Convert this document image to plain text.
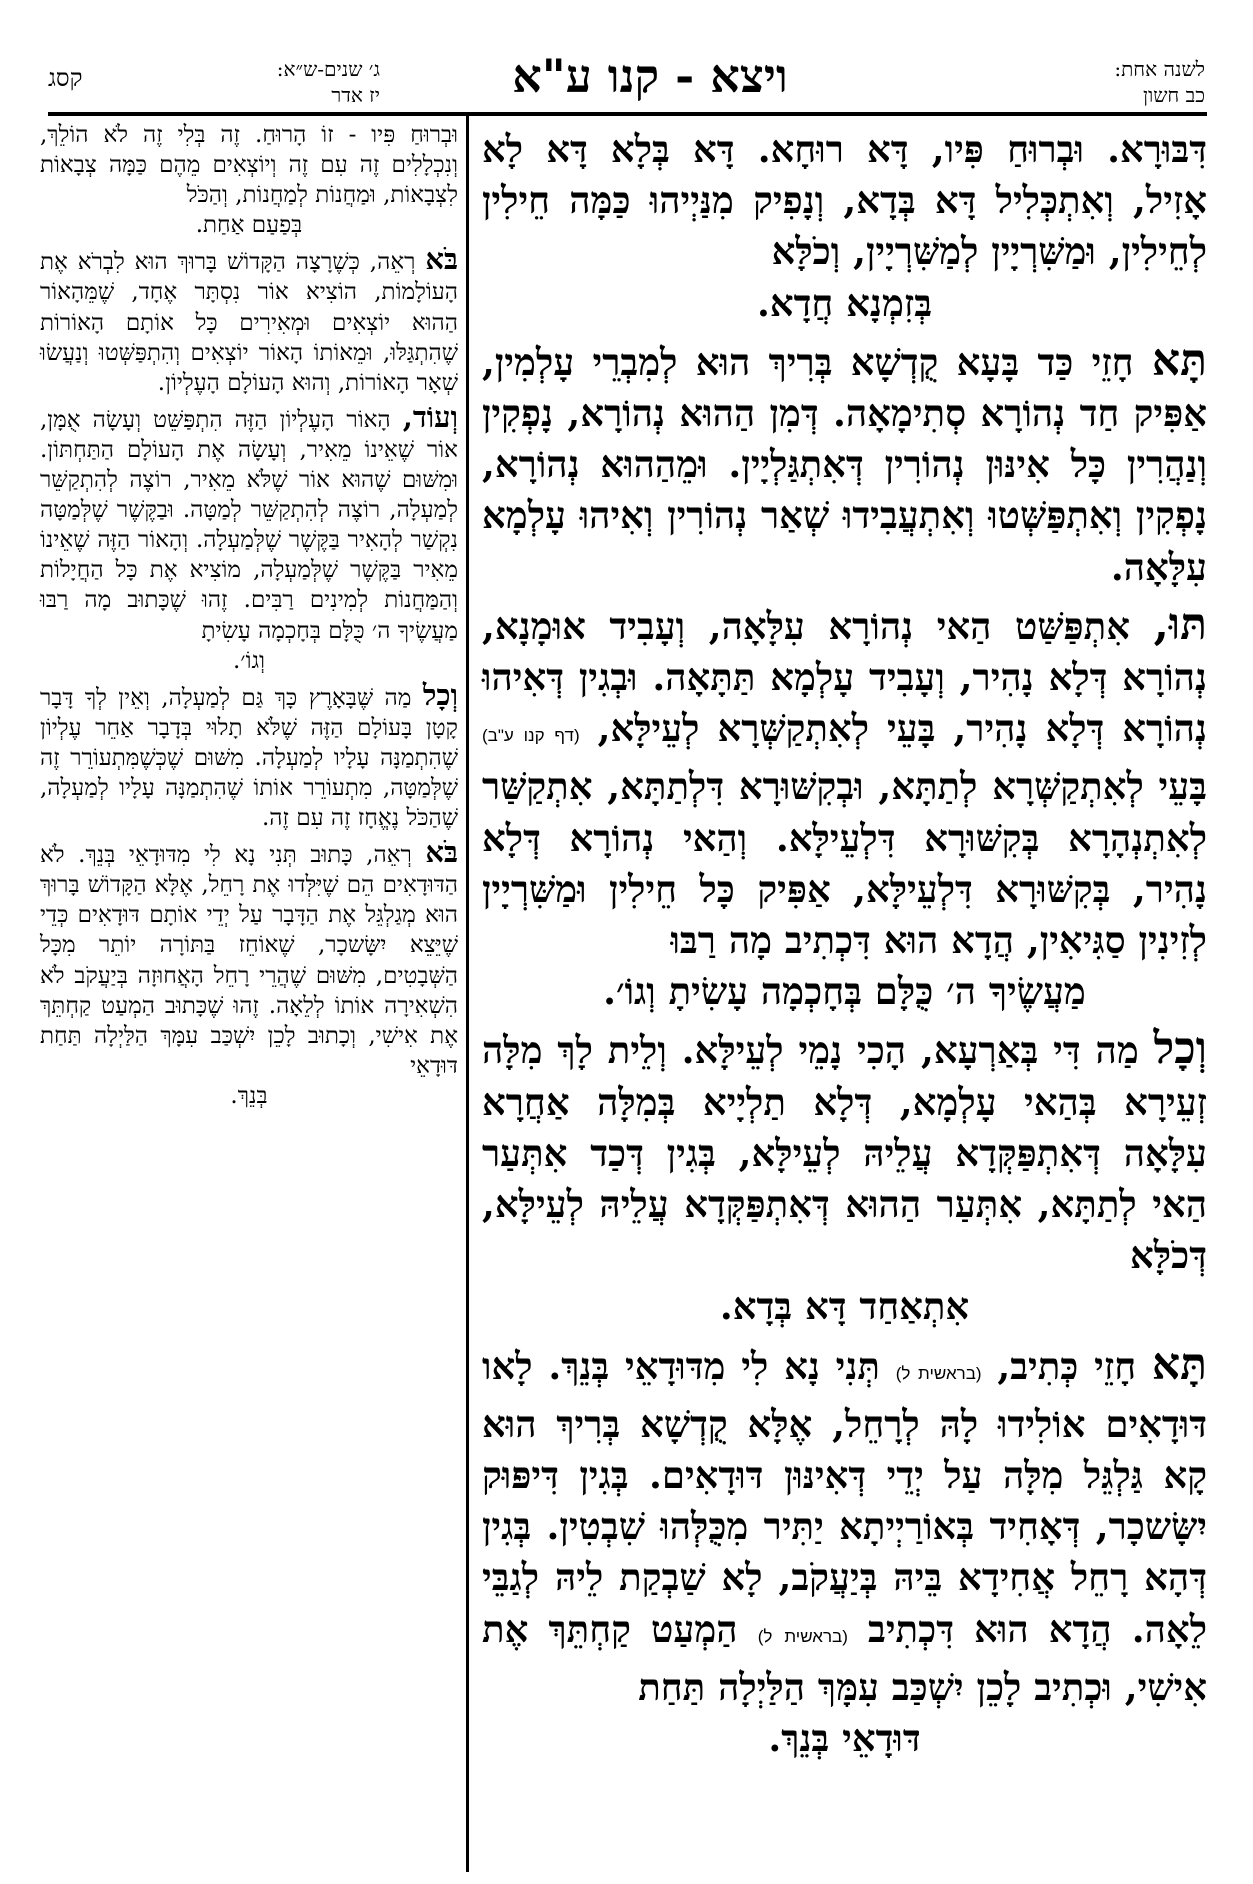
לשנה אחת:
כב חשון
ויצא - קנו ע"א
ג׳ שנים-ש״א:
יז אדר
קסג

דִּבּוּרָא. וּבְרוּחַ פִּיו, דָּא רוּחָא. דָּא בְּלָא דָּא לָא אָזִיל, וְאִתְכְּלִיל דָּא בְּדָא, וְנָפִיק מִנַּיְיהוּ כַּמָּה חֵילִין לְחֵילִין, וּמַשִּׁרְיָין לְמַשִּׁרְיָין, וְכֹלָּא

בְּזִמְנָא חֲדָא.

תָּא חָזֵי כַּד בָּעָא קֻדְשָׁא בְּרִיךְ הוּא לְמִבְרֵי עָלְמִין, אַפִּיק חַד נְהוֹרָא סְתִימָאָה. דְּמִן הַהוּא נְהוֹרָא, נָפְקִין וְנַהֲרִין כָּל אִינּוּן נְהוֹרִין דְּאִתְגַּלְיָין. וּמֵהַהוּא נְהוֹרָא, נָפְקִין וְאִתְפַּשְּׁטוּ וְאִתְעֲבִידוּ שְׁאַר נְהוֹרִין וְאִיהוּ עָלְמָא עִלָּאָה.

תּוּ, אִתְפַּשַּׁט הַאי נְהוֹרָא עִלָּאָה, וְעָבִיד אוּמָנָא, נְהוֹרָא דְּלָא נָהִיר, וְעָבִיד עָלְמָא תַּתָּאָה. וּבְגִין דְּאִיהוּ נְהוֹרָא דְּלָא נָהִיר, בָּעֵי לְאִתְקַשְּׁרָא לְעֵילָּא, (דף קנו ע"ב) בָּעֵי לְאִתְקַשְּׁרָא לְתַתָּא, וּבְקִשּׁוּרָא דִּלְתַתָּא, אִתְקַשַּׁר לְאִתְנְהָרָא בְּקִשּׁוּרָא דִּלְעֵילָּא. וְהַאי נְהוֹרָא דְּלָא נָהִיר, בְּקִשּׁוּרָא דִּלְעֵילָּא, אַפִּיק כָּל חֵילִין וּמַשִּׁרְיָין לְזִינִין סַגִּיאִין, הֲדָא הוּא דִּכְתִיב מָה רַבּוּ

מַעֲשֶׂיךָ ה׳ כֻּלָּם בְּחָכְמָה עָשִׂיתָ וְגוֹ׳.

וְכָל מַה דִּי בְּאַרְעָא, הָכִי נָמֵי לְעֵילָּא. וְלֵית לָךְ מִלָּה זְעֵירָא בְּהַאי עָלְמָא, דְּלָא תַלְיָיא בְּמִלָּה אַחֲרָא עִלָּאָה דְּאִתְפַּקְּדָא עֲלֵיהּ לְעֵילָּא, בְּגִין דְּכַד אִתְּעַר הַאי לְתַתָּא, אִתְּעַר הַהוּא דְּאִתְפַּקְּדָא עֲלֵיהּ לְעֵילָּא, דְּכֹלָּא

אִתְאַחַד דָּא בְּדָא.

תָּא חָזֵי כְּתִיב, (בראשית ל) תְּנִי נָא לִי מִדּוּדָאֵי בְּנֵךְ. לָאו דּוּדָאִים אוֹלִידוּ לָהּ לְרָחֵל, אֶלָּא קֻדְשָׁא בְּרִיךְ הוּא קָא גַּלְגֵּל מִלָּה עַל יְדֵי דְּאִינּוּן דּוּדָאִים. בְּגִין דִּיפּוּק יִשָּׂשכָר, דְּאָחִיד בְּאוֹרַיְיתָא יַתִּיר מִכֻּלְּהוּ שִׁבְטִין. בְּגִין דְּהָא רָחֵל אֲחִידָא בֵּיהּ בְּיַעֲקֹב, לָא שַׁבְקַת לֵיהּ לְגַבֵּי לֵאָה. הֲדָא הוּא דִּכְתִיב (בראשית ל) הַמְעַט קַחְתֵּךְ אֶת אִישִׁי, וּכְתִיב לָכֵן יִשְׁכַּב עִמָּךְ הַלַּיְלָה תַּחַת

דּוּדָאֵי בְּנֵךְ.

וּבְרוּחַ פִּיו - זוֹ הָרוּחַ. זֶה בְּלִי זֶה לֹא הוֹלֵךְ, וְנִכְלָלִים זֶה עִם זֶה וְיוֹצְאִים מֵהֶם כַּמָּה צְבָאוֹת לִצְבָאוֹת, וּמַחֲנוֹת לְמַחֲנוֹת, וְהַכֹּל

בְּפַעַם אַחַת.

בֹּא רְאֵה, כְּשֶׁרָצָה הַקָּדוֹשׁ בָּרוּךְ הוּא לִבְרֹא אֶת הָעוֹלָמוֹת, הוֹצִיא אוֹר נִסְתָּר אֶחָד, שֶׁמֵּהָאוֹר הַהוּא יוֹצְאִים וּמְאִירִים כָּל אוֹתָם הָאוֹרוֹת שֶׁהִתְגַּלּוּ, וּמֵאוֹתוֹ הָאוֹר יוֹצְאִים וְהִתְפַּשְּׁטוּ וְנַעֲשׂוּ שְׁאָר הָאוֹרוֹת, וְהוּא הָעוֹלָם הָעֶלְיוֹן.

וְעוֹד, הָאוֹר הָעֶלְיוֹן הַזֶּה הִתְפַּשֵּׁט וְעָשָׂה אֻמָּן, אוֹר שֶׁאֵינוֹ מֵאִיר, וְעָשָׂה אֶת הָעוֹלָם הַתַּחְתּוֹן. וּמִשּׁוּם שֶׁהוּא אוֹר שֶׁלֹּא מֵאִיר, רוֹצֶה לְהִתְקַשֵּׁר לְמַעְלָה, רוֹצֶה לְהִתְקַשֵּׁר לְמַטָּה. וּבַקֶּשֶׁר שֶׁלְּמַטָּה נִקְשַׁר לְהָאִיר בַּקֶּשֶׁר שֶׁלְּמַעְלָה. וְהָאוֹר הַזֶּה שֶׁאֵינוֹ מֵאִיר בַּקֶּשֶׁר שֶׁלְּמַעְלָה, מוֹצִיא אֶת כָּל הַחֲיָלוֹת וְהַמַּחֲנוֹת לְמִינִים רַבִּים. זֶהוּ שֶׁכָּתוּב מָה רַבּוּ מַעֲשֶׂיךָ ה׳ כֻּלָּם בְּחָכְמָה עָשִׂיתָ

וְגוֹ׳.

וְכָל מַה שֶּׁבָּאָרֶץ כָּךְ גַּם לְמַעְלָה, וְאֵין לְךָ דָּבָר קָטָן בָּעוֹלָם הַזֶּה שֶׁלֹּא תָלוּי בְּדָבָר אַחֵר עֶלְיוֹן שֶׁהִתְמַנָּה עָלָיו לְמַעְלָה. מִשּׁוּם שֶׁכְּשֶׁמִּתְעוֹרֵר זֶה שֶׁלְּמַטָּה, מִתְעוֹרֵר אוֹתוֹ שֶׁהִתְמַנָּה עָלָיו לְמַעְלָה, שֶׁהַכֹּל נֶאֱחָז זֶה עִם זֶה.

בֹּא רְאֵה, כָּתוּב תְּנִי נָא לִי מִדּוּדָאֵי בְּנֵךְ. לֹא הַדּוּדָאִים הֵם שֶׁיִּלְּדוּ אֶת רָחֵל, אֶלָּא הַקָּדוֹשׁ בָּרוּךְ הוּא מְגַלְגֵּל אֶת הַדָּבָר עַל יְדֵי אוֹתָם דּוּדָאִים כְּדֵי שֶׁיֵּצֵא יִשָּׂשכָר, שֶׁאוֹחֵז בַּתּוֹרָה יוֹתֵר מִכָּל הַשְּׁבָטִים, מִשּׁוּם שֶׁהֲרֵי רָחֵל הָאֲחוּזָה בְּיַעֲקֹב לֹא הִשְׁאִירָה אוֹתוֹ לְלֵאָה. זֶהוּ שֶׁכָּתוּב הַמְעַט קַחְתֵּךְ אֶת אִישִׁי, וְכָתוּב לָכֵן יִשְׁכַּב עִמָּךְ הַלַּיְלָה תַּחַת דּוּדָאֵי

בְּנֵךְ.
